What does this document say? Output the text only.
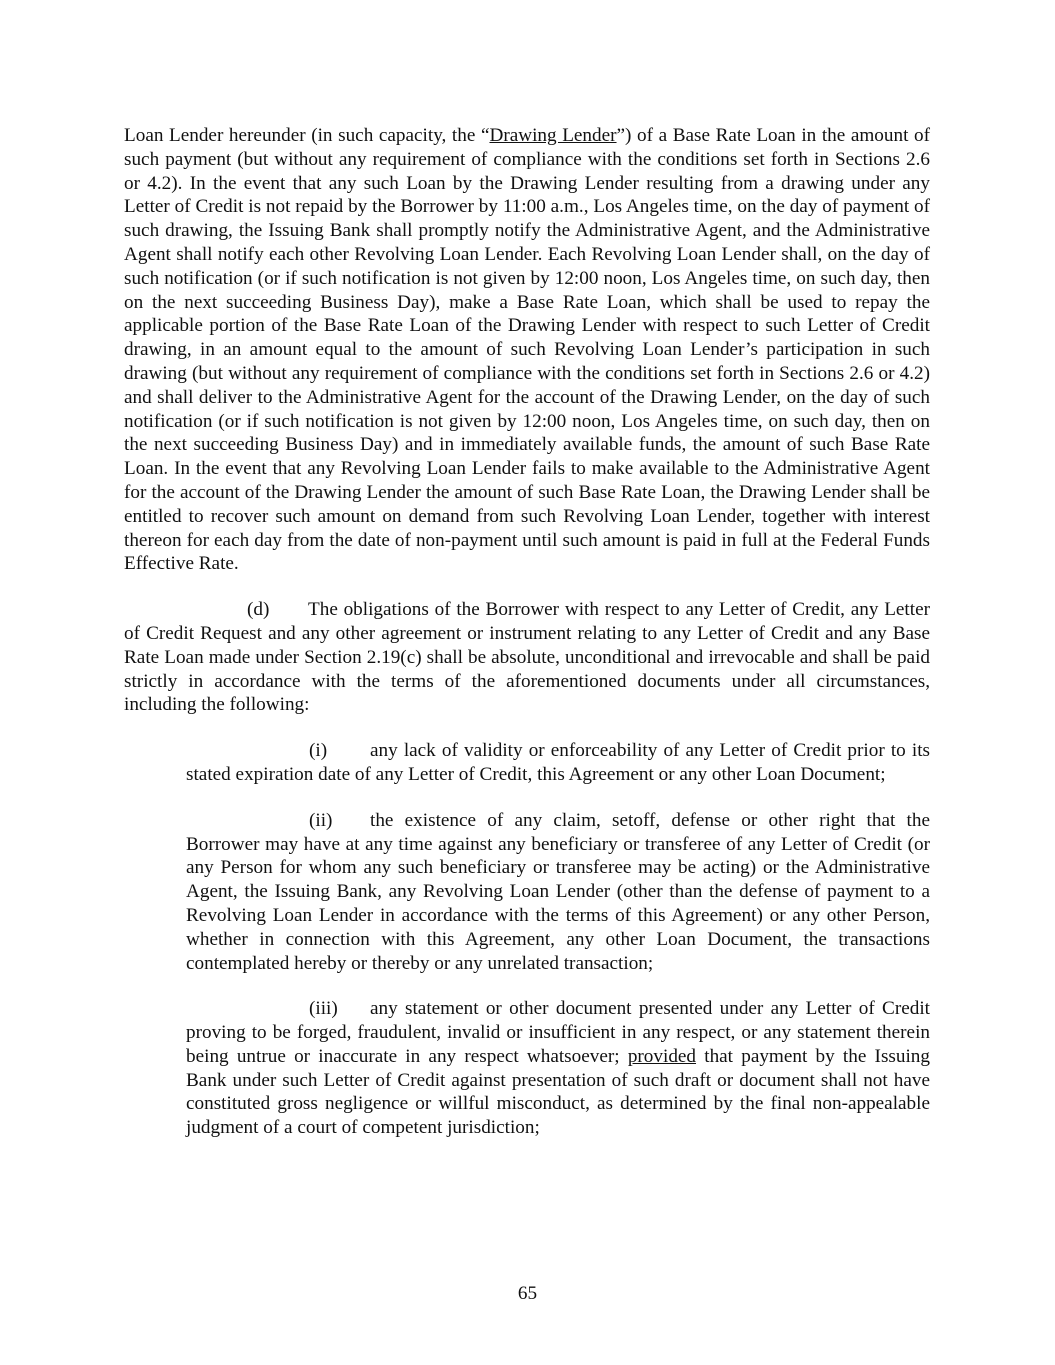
Loan Lender hereunder (in such capacity, the “Drawing Lender”) of a Base Rate Loan in the amount of such payment (but without any requirement of compliance with the conditions set forth in Sections 2.6 or 4.2). In the event that any such Loan by the Drawing Lender resulting from a drawing under any Letter of Credit is not repaid by the Borrower by 11:00 a.m., Los Angeles time, on the day of payment of such drawing, the Issuing Bank shall promptly notify the Administrative Agent, and the Administrative Agent shall notify each other Revolving Loan Lender. Each Revolving Loan Lender shall, on the day of such notification (or if such notification is not given by 12:00 noon, Los Angeles time, on such day, then on the next succeeding Business Day), make a Base Rate Loan, which shall be used to repay the applicable portion of the Base Rate Loan of the Drawing Lender with respect to such Letter of Credit drawing, in an amount equal to the amount of such Revolving Loan Lender’s participation in such drawing (but without any requirement of compliance with the conditions set forth in Sections 2.6 or 4.2) and shall deliver to the Administrative Agent for the account of the Drawing Lender, on the day of such notification (or if such notification is not given by 12:00 noon, Los Angeles time, on such day, then on the next succeeding Business Day) and in immediately available funds, the amount of such Base Rate Loan. In the event that any Revolving Loan Lender fails to make available to the Administrative Agent for the account of the Drawing Lender the amount of such Base Rate Loan, the Drawing Lender shall be entitled to recover such amount on demand from such Revolving Loan Lender, together with interest thereon for each day from the date of non-payment until such amount is paid in full at the Federal Funds Effective Rate.

(d) The obligations of the Borrower with respect to any Letter of Credit, any Letter of Credit Request and any other agreement or instrument relating to any Letter of Credit and any Base Rate Loan made under Section 2.19(c) shall be absolute, unconditional and irrevocable and shall be paid strictly in accordance with the terms of the aforementioned documents under all circumstances, including the following:

(i) any lack of validity or enforceability of any Letter of Credit prior to its stated expiration date of any Letter of Credit, this Agreement or any other Loan Document;

(ii) the existence of any claim, setoff, defense or other right that the Borrower may have at any time against any beneficiary or transferee of any Letter of Credit (or any Person for whom any such beneficiary or transferee may be acting) or the Administrative Agent, the Issuing Bank, any Revolving Loan Lender (other than the defense of payment to a Revolving Loan Lender in accordance with the terms of this Agreement) or any other Person, whether in connection with this Agreement, any other Loan Document, the transactions contemplated hereby or thereby or any unrelated transaction;

(iii) any statement or other document presented under any Letter of Credit proving to be forged, fraudulent, invalid or insufficient in any respect, or any statement therein being untrue or inaccurate in any respect whatsoever; provided that payment by the Issuing Bank under such Letter of Credit against presentation of such draft or document shall not have constituted gross negligence or willful misconduct, as determined by the final non-appealable judgment of a court of competent jurisdiction;

65
